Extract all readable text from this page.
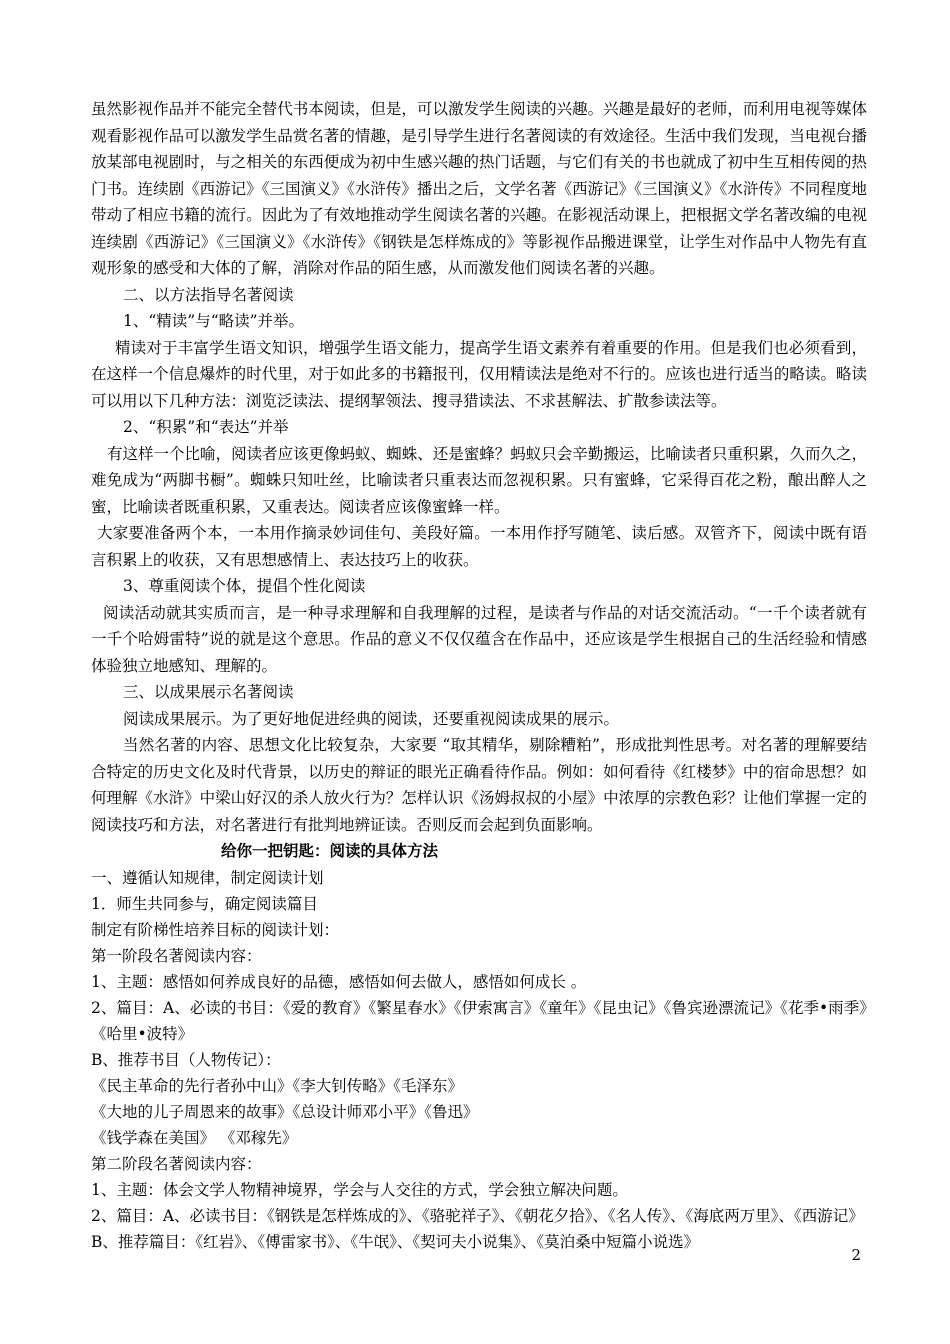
虽然影视作品并不能完全替代书本阅读，但是，可以激发学生阅读的兴趣。兴趣是最好的老师，而利用电视等媒体观看影视作品可以激发学生品赏名著的情趣，是引导学生进行名著阅读的有效途径。生活中我们发现，当电视台播放某部电视剧时，与之相关的东西便成为初中生感兴趣的热门话题，与它们有关的书也就成了初中生互相传阅的热门书。连续剧《西游记》《三国演义》《水浒传》播出之后，文学名著《西游记》《三国演义》《水浒传》不同程度地带动了相应书籍的流行。因此为了有效地推动学生阅读名著的兴趣。在影视活动课上，把根据文学名著改编的电视连续剧《西游记》《三国演义》《水浒传》《钢铁是怎样炼成的》等影视作品搬进课堂，让学生对作品中人物先有直观形象的感受和大体的了解，消除对作品的陌生感，从而激发他们阅读名著的兴趣。

二、以方法指导名著阅读

1、“精读”与“略读”并举。

精读对于丰富学生语文知识，增强学生语文能力，提高学生语文素养有着重要的作用。但是我们也必须看到，在这样一个信息爆炸的时代里，对于如此多的书籍报刊，仅用精读法是绝对不行的。应该也进行适当的略读。略读可以用以下几种方法：浏览泛读法、提纲挈领法、搜寻猎读法、不求甚解法、扩散参读法等。

2、“积累”和“表达”并举

有这样一个比喻，阅读者应该更像蚂蚁、蜘蛛、还是蜜蜂？蚂蚁只会辛勤搬运，比喻读者只重积累，久而久之，难免成为“两脚书橱”。蜘蛛只知吐丝，比喻读者只重表达而忽视积累。只有蜜蜂，它采得百花之粉，酿出醉人之蜜，比喻读者既重积累，又重表达。阅读者应该像蜜蜂一样。

大家要准备两个本，一本用作摘录妙词佳句、美段好篇。一本用作抒写随笔、读后感。双管齐下，阅读中既有语言积累上的收获，又有思想感情上、表达技巧上的收获。

3、尊重阅读个体，提倡个性化阅读

阅读活动就其实质而言，是一种寻求理解和自我理解的过程，是读者与作品的对话交流活动。“一千个读者就有一千个哈姆雷特”说的就是这个意思。作品的意义不仅仅蕴含在作品中，还应该是学生根据自己的生活经验和情感体验独立地感知、理解的。

三、以成果展示名著阅读

阅读成果展示。为了更好地促进经典的阅读，还要重视阅读成果的展示。

当然名著的内容、思想文化比较复杂，大家要 “取其精华，剔除糟粕”，形成批判性思考。对名著的理解要结合特定的历史文化及时代背景，以历史的辩证的眼光正确看待作品。例如：如何看待《红楼梦》中的宿命思想？如何理解《水浒》中梁山好汉的杀人放火行为？怎样认识《汤姆叔叔的小屋》中浓厚的宗教色彩？让他们掌握一定的阅读技巧和方法，对名著进行有批判地辨证读。否则反而会起到负面影响。

给你一把钥匙：阅读的具体方法

一、遵循认知规律，制定阅读计划

1．师生共同参与，确定阅读篇目

制定有阶梯性培养目标的阅读计划：

第一阶段名著阅读内容：

1、主题：感悟如何养成良好的品德，感悟如何去做人，感悟如何成长 。

2、篇目：A、必读的书目：《爱的教育》《繁星春水》《伊索寓言》《童年》《昆虫记》《鲁宾逊漂流记》《花季•雨季》《哈里•波特》

B、推荐书目（人物传记）：

《民主革命的先行者孙中山》《李大钊传略》《毛泽东》

《大地的儿子周恩来的故事》《总设计师邓小平》《鲁迅》

《钱学森在美国》 《邓稼先》

第二阶段名著阅读内容：

1、主题：体会文学人物精神境界，学会与人交往的方式，学会独立解决问题。

2、篇目：A、必读书目：《钢铁是怎样炼成的》、《骆驼祥子》、《朝花夕拾》、《名人传》、《海底两万里》、《西游记》

B、推荐篇目：《红岩》、《傅雷家书》、《牛氓》、《契诃夫小说集》、《莫泊桑中短篇小说选》

2
